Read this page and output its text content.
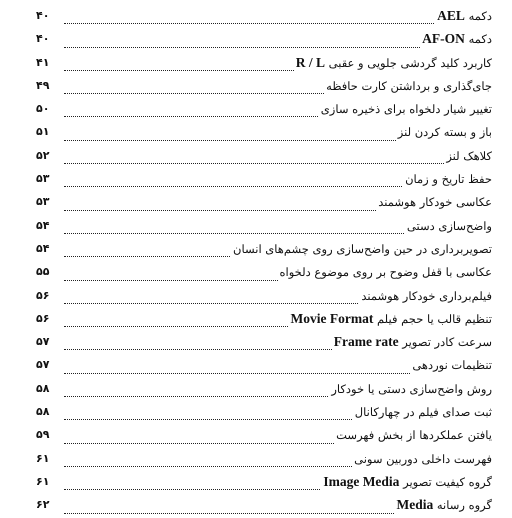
دکمه AEL
۴۰
دکمه AF-ON
۴۰
کاربرد کلید گردشی جلویی و عقبی R / L
۴۱
جای‌گذاری و برداشتن کارت حافظه
۴۹
تغییر شیار دلخواه برای ذخیره سازی
۵۰
باز و بسته کردن لنز
۵۱
کلاهک لنز
۵۲
حفظ تاریخ و زمان
۵۳
عکاسی خودکار هوشمند
۵۳
واضح‌سازی دستی
۵۴
تصویربرداری در حین واضح‌سازی روی چشم‌های انسان
۵۴
عکاسی با قفل وضوح بر روی موضوع دلخواه
۵۵
فیلم‌برداری خودکار هوشمند
۵۶
تنظیم قالب یا حجم فیلم Movie Format
۵۶
سرعت کادر تصویر Frame rate
۵۷
تنظیمات نوردهی
۵۷
روش واضح‌سازی دستی یا خودکار
۵۸
ثبت صدای فیلم در چهارکانال
۵۸
یافتن عملکردها از بخش فهرست
۵۹
فهرست داخلی دوربین سونی
۶۱
گروه کیفیت تصویر Image Media
۶۱
گروه رسانه Media
۶۲
